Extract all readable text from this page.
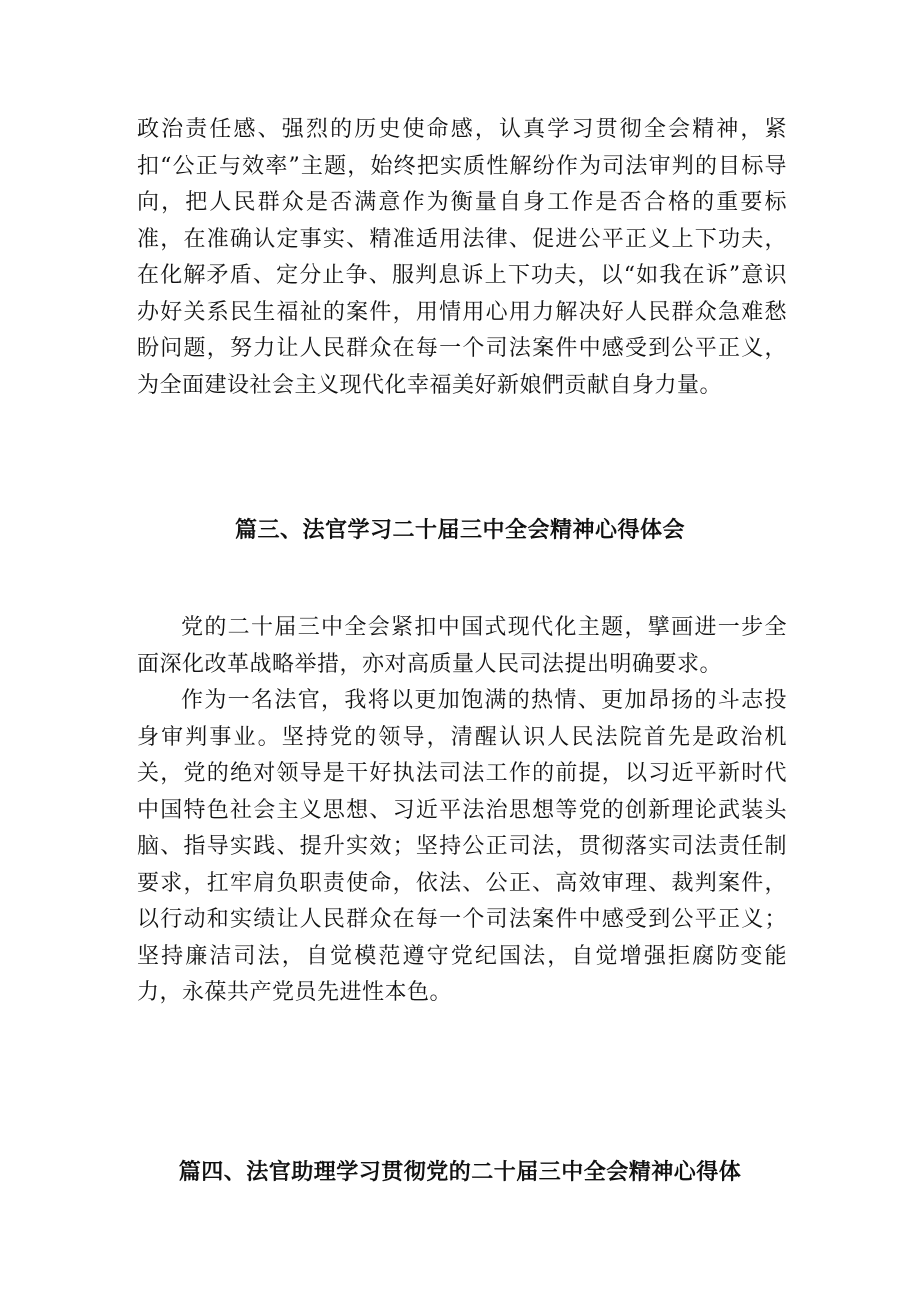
政治责任感、强烈的历史使命感，认真学习贯彻全会精神，紧扣“公正与效率”主题，始终把实质性解纷作为司法审判的目标导向，把人民群众是否满意作为衡量自身工作是否合格的重要标准，在准确认定事实、精准适用法律、促进公平正义上下功夫，在化解矛盾、定分止争、服判息诉上下功夫，以“如我在诉”意识办好关系民生福祉的案件，用情用心用力解决好人民群众急难愁盼问题，努力让人民群众在每一个司法案件中感受到公平正义，为全面建设社会主义现代化幸福美好新娘們贡献自身力量。

篇三、法官学习二十届三中全会精神心得体会

党的二十届三中全会紧扣中国式现代化主题，擘画进一步全面深化改革战略举措，亦对高质量人民司法提出明确要求。

作为一名法官，我将以更加饱满的热情、更加昂扬的斗志投身审判事业。坚持党的领导，清醒认识人民法院首先是政治机关，党的绝对领导是干好执法司法工作的前提，以习近平新时代中国特色社会主义思想、习近平法治思想等党的创新理论武装头脑、指导实践、提升实效；坚持公正司法，贯彻落实司法责任制要求，扛牢肩负职责使命，依法、公正、高效审理、裁判案件，以行动和实绩让人民群众在每一个司法案件中感受到公平正义；坚持廉洁司法，自觉模范遵守党纪国法，自觉增强拒腐防变能力，永葆共产党员先进性本色。

篇四、法官助理学习贯彻党的二十届三中全会精神心得体
